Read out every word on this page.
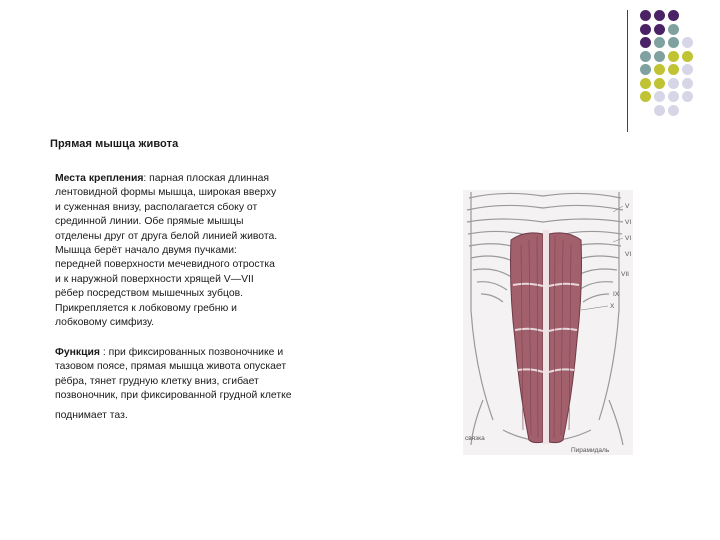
Прямая мышца живота
Места крепления: парная плоская длинная
лентовидной формы мышца, широкая вверху
и суженная внизу, располагается сбоку от
срединной линии. Обе прямые мышцы
отделены друг от друга белой линией живота.
Мышца берёт начало двумя пучками:
передней поверхности мечевидного отростка
и к наружной поверхности хрящей V—VII
рёбер посредством мышечных зубцов.
Прикрепляется к лобковому гребню и
лобковому симфизу.
Функция : при фиксированных позвоночнике и
тазовом поясе, прямая мышца живота опускает
рёбра, тянет грудную клетку вниз, сгибает
позвоночник, при фиксированной грудной клетке
поднимает таз.
V
VI
VI
VI
VII
IX
X
связка
Пирамидаль
